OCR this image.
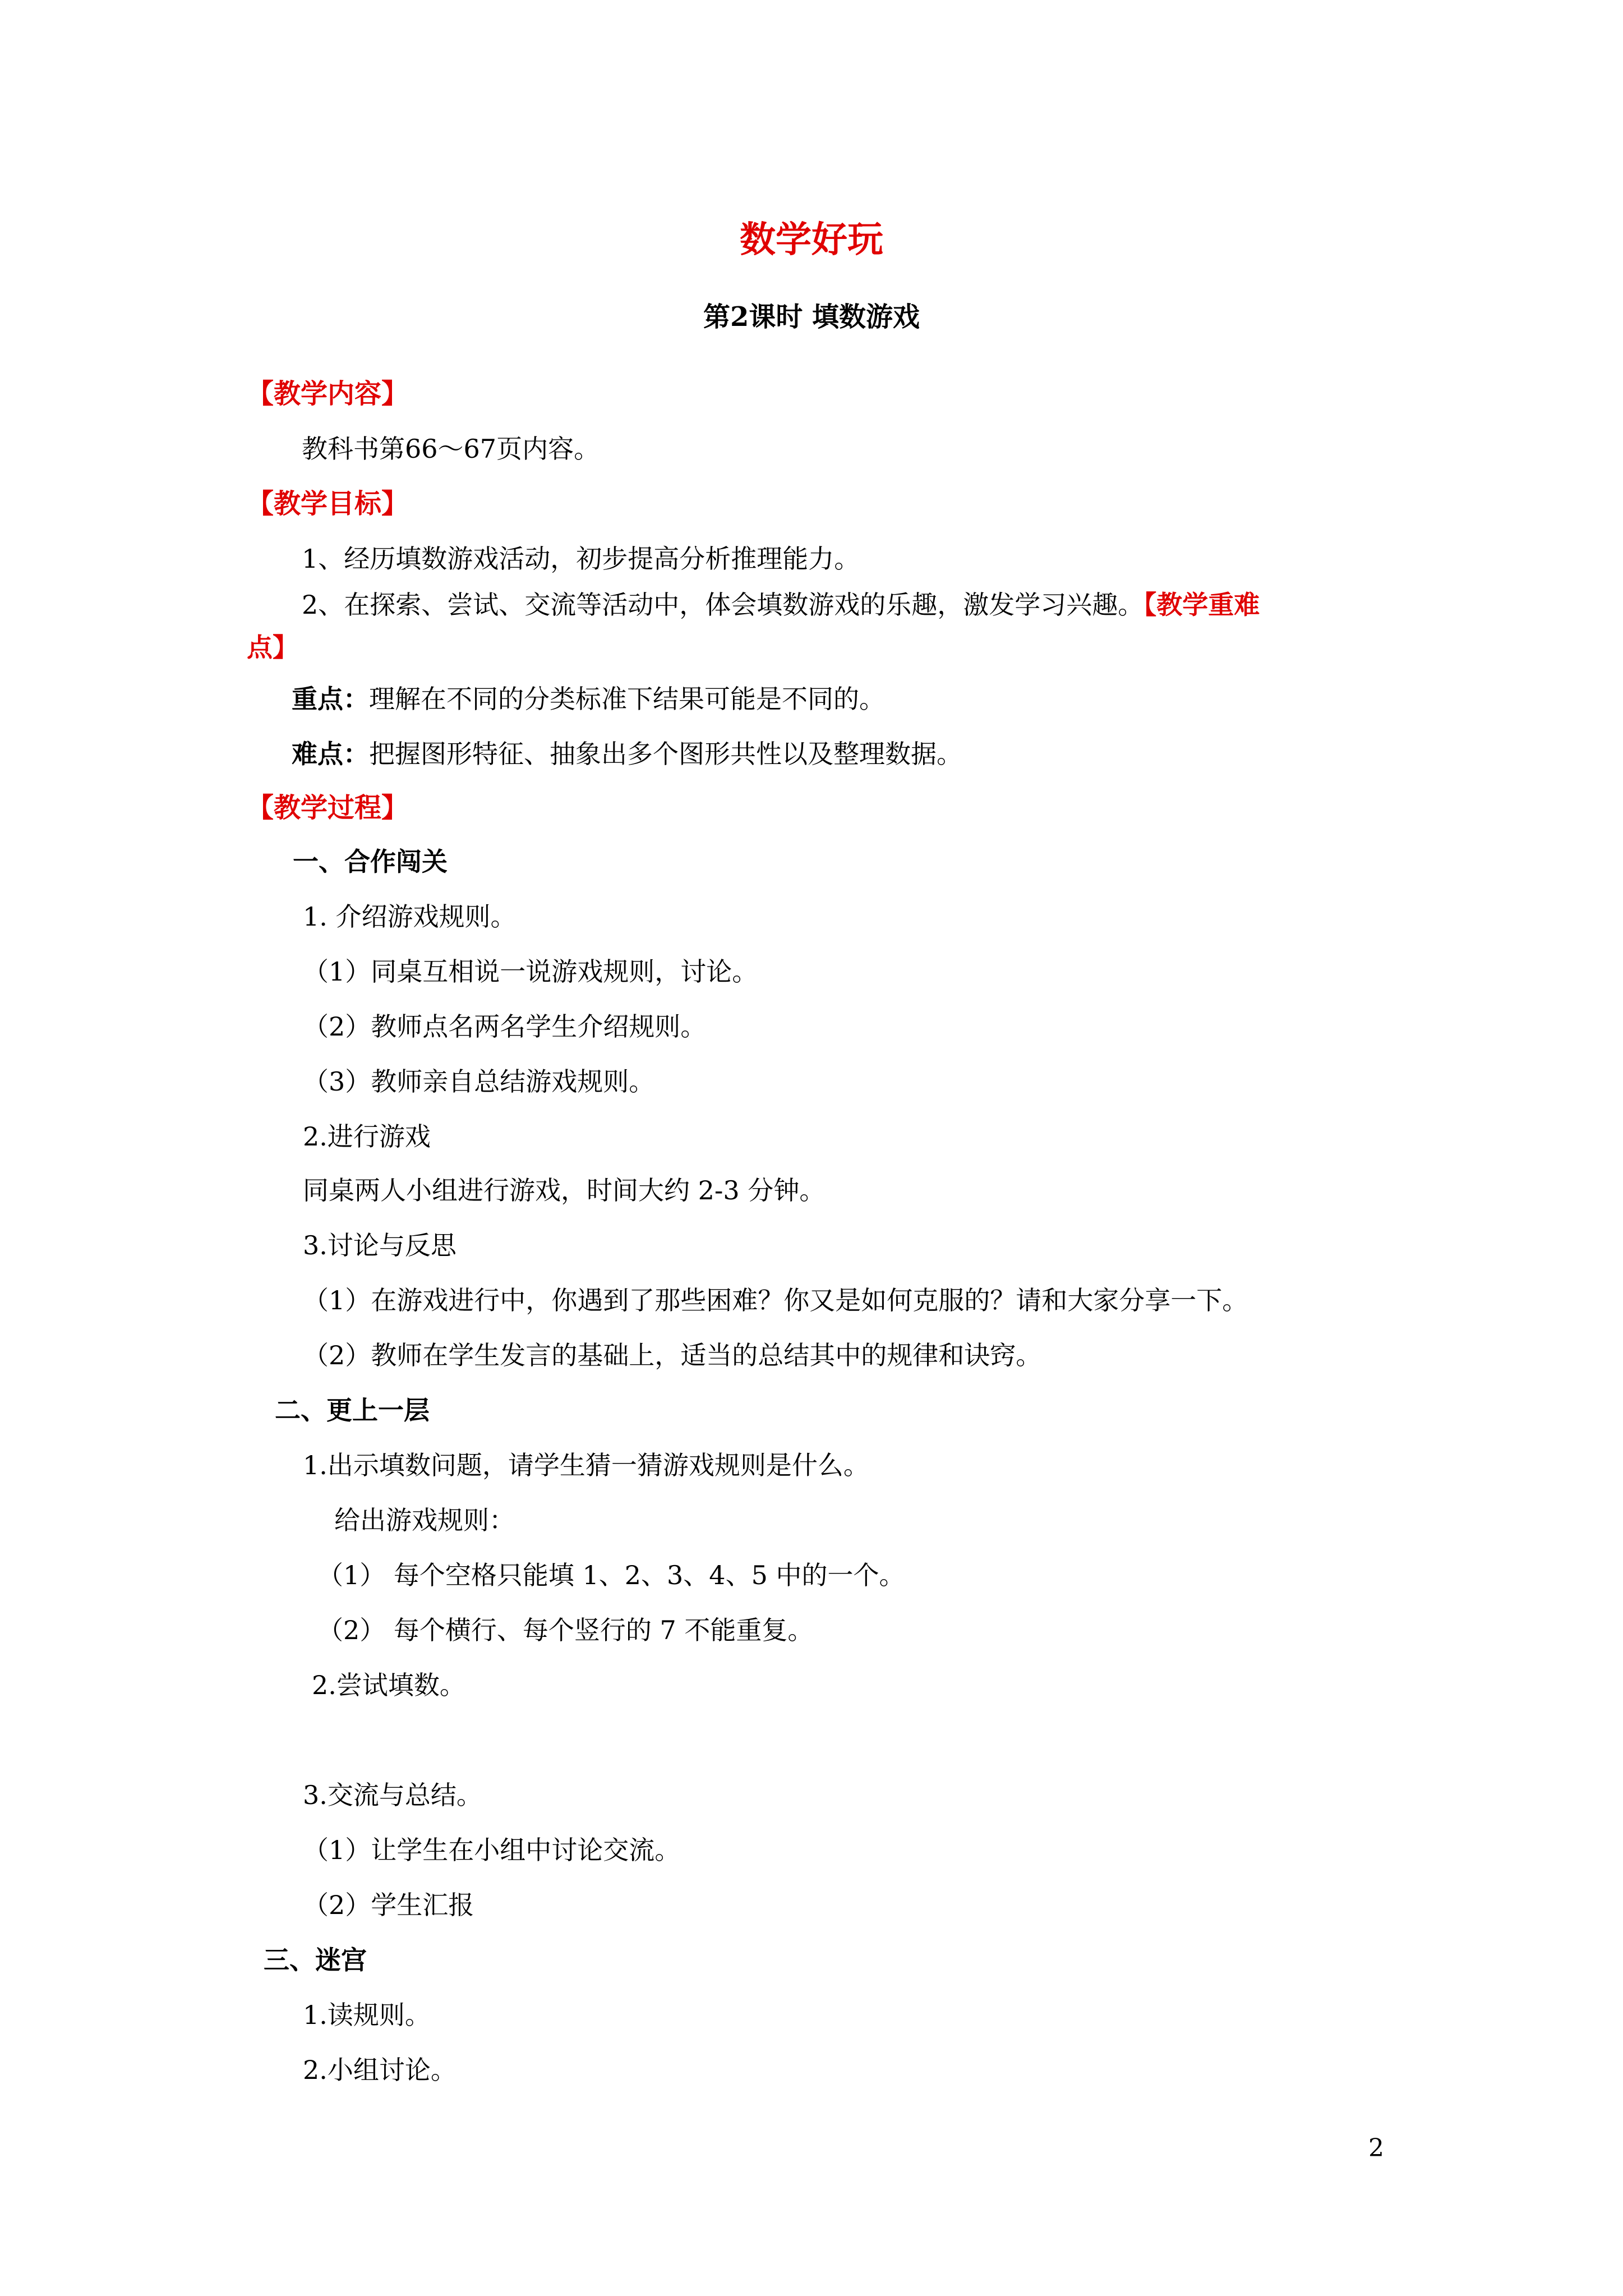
数学好玩
第2课时 填数游戏
【教学内容】
教科书第66～67页内容。
【教学目标】
1、经历填数游戏活动，初步提高分析推理能力。
2、在探索、尝试、交流等活动中，体会填数游戏的乐趣，激发学习兴趣。【教学重难
点】
重点：理解在不同的分类标准下结果可能是不同的。
难点：把握图形特征、抽象出多个图形共性以及整理数据。
【教学过程】
一、合作闯关
1. 介绍游戏规则。
（1）同桌互相说一说游戏规则，讨论。
（2）教师点名两名学生介绍规则。
（3）教师亲自总结游戏规则。
2.进行游戏
同桌两人小组进行游戏，时间大约 2-3 分钟。
3.讨论与反思
（1）在游戏进行中，你遇到了那些困难？你又是如何克服的？请和大家分享一下。
（2）教师在学生发言的基础上，适当的总结其中的规律和诀窍。
二、更上一层
1.出示填数问题，请学生猜一猜游戏规则是什么。
给出游戏规则：
（1） 每个空格只能填 1、2、3、4、5 中的一个。
（2） 每个横行、每个竖行的 7 不能重复。
2.尝试填数。
3.交流与总结。
（1）让学生在小组中讨论交流。
（2）学生汇报
三、迷宫
1.读规则。
2.小组讨论。
2
